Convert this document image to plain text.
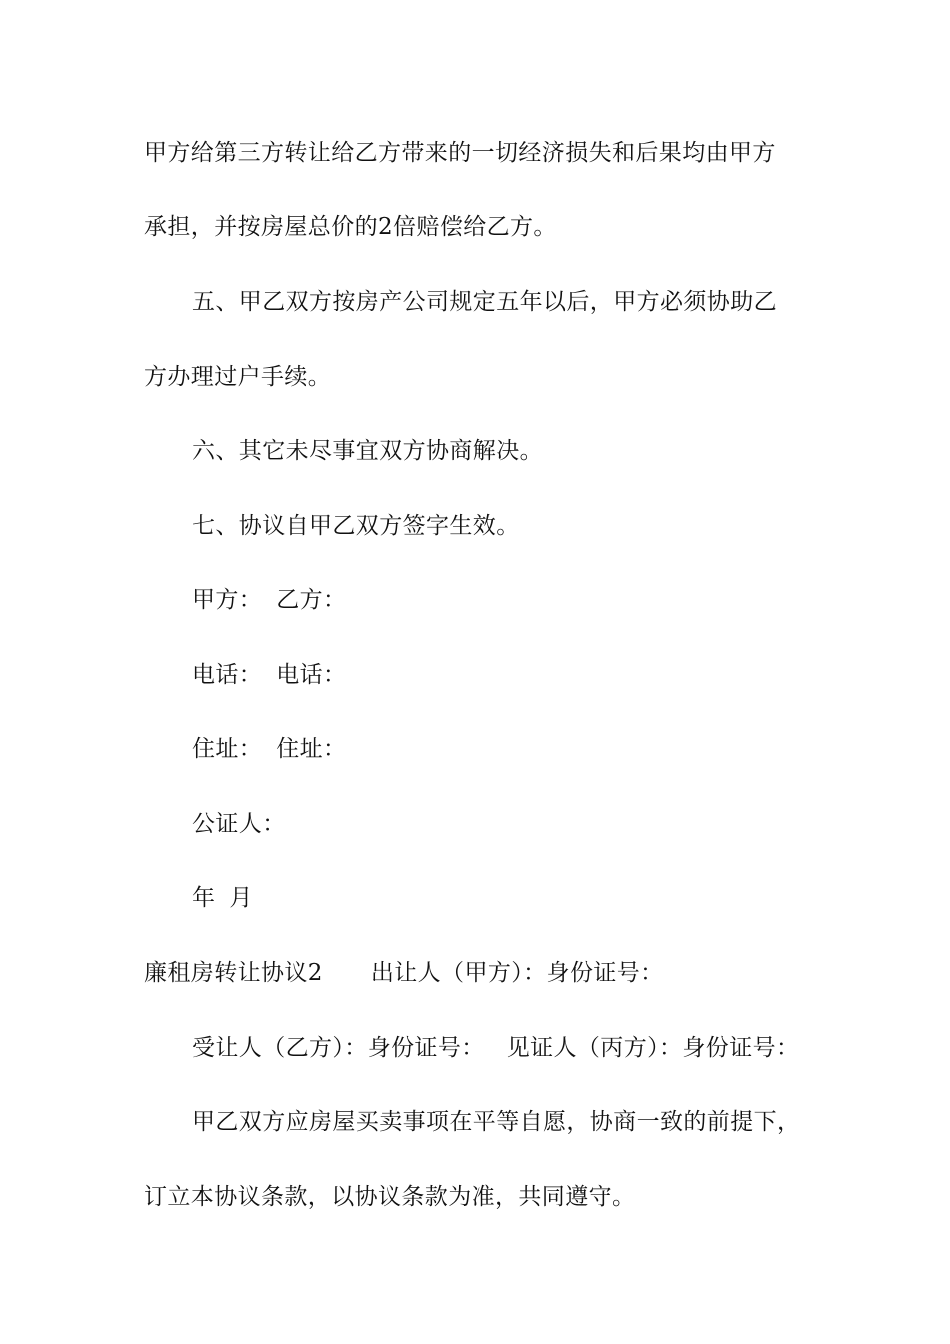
甲方给第三方转让给乙方带来的一切经济损失和后果均由甲方
承担，并按房屋总价的2倍赔偿给乙方。
五、甲乙双方按房产公司规定五年以后，甲方必须协助乙
方办理过户手续。
六、其它未尽事宜双方协商解决。
七、协议自甲乙双方签字生效。
甲方： 乙方：
电话： 电话：
住址： 住址：
公证人：
年 月
廉租房转让协议2 出让人（甲方）：身份证号：
受让人（乙方）：身份证号： 见证人（丙方）：身份证号：
甲乙双方应房屋买卖事项在平等自愿，协商一致的前提下，
订立本协议条款，以协议条款为准，共同遵守。
